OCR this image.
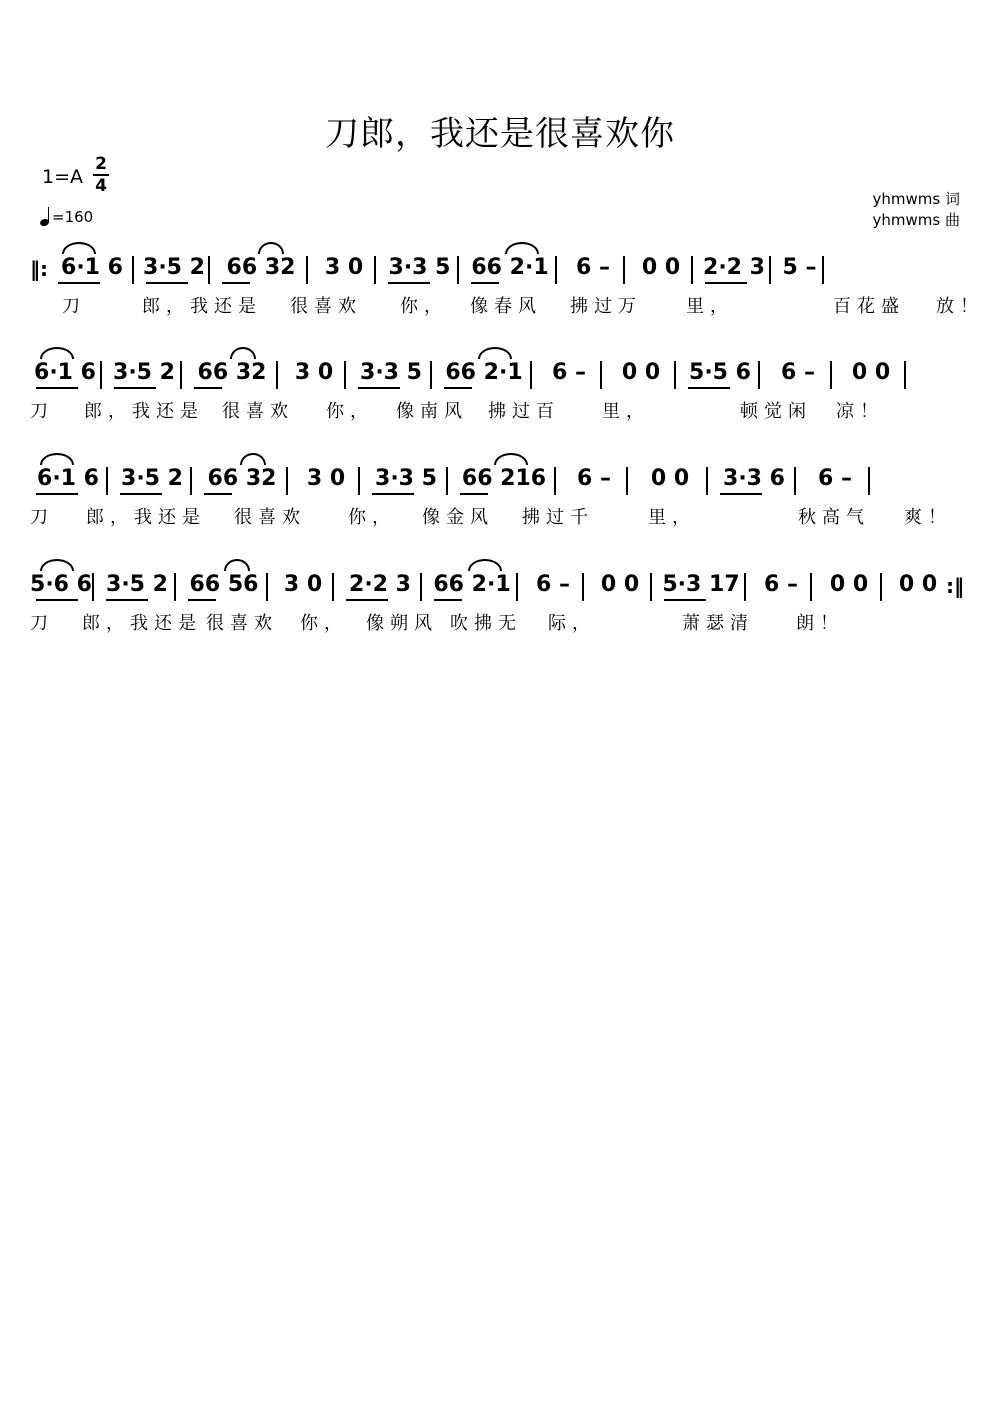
刀郎，我还是很喜欢你
1=A
2
4
=160
yhmwms 词
yhmwms 曲
‖: 6·1 6 3·5 2 66 32	3 0	3·3 5 66 2·1	6 –	0 0	2·2 3 5 –
刀	郎，我还是 很喜欢 你， 像春风 拂过万 里，	百花盛 放！
6·1 6 3·5 2	66 32	3 0	3·3 5	66 2·1	6 –	0 0	5·5 6	6 –	0 0
刀 郎，我还是 很喜欢 你， 像南风 拂过百 里，	顿觉闲 凉！
6·1 6	3·5 2	66 32	3 0	3·3 5	66 216	6 –	0 0	3·3 6	6 –
刀 郎，我还是 很喜欢 你， 像金风 拂过千	里，	秋高气 爽！
5·6 6 3·5 2 66 56	3 0	2·2 3	66 2·1	6 –	0 0	5·3 17	6 –	0 0	0 0 :‖
刀 郎，我还是 很喜欢 你， 像朔风 吹拂无 际，	萧瑟清 朗！
